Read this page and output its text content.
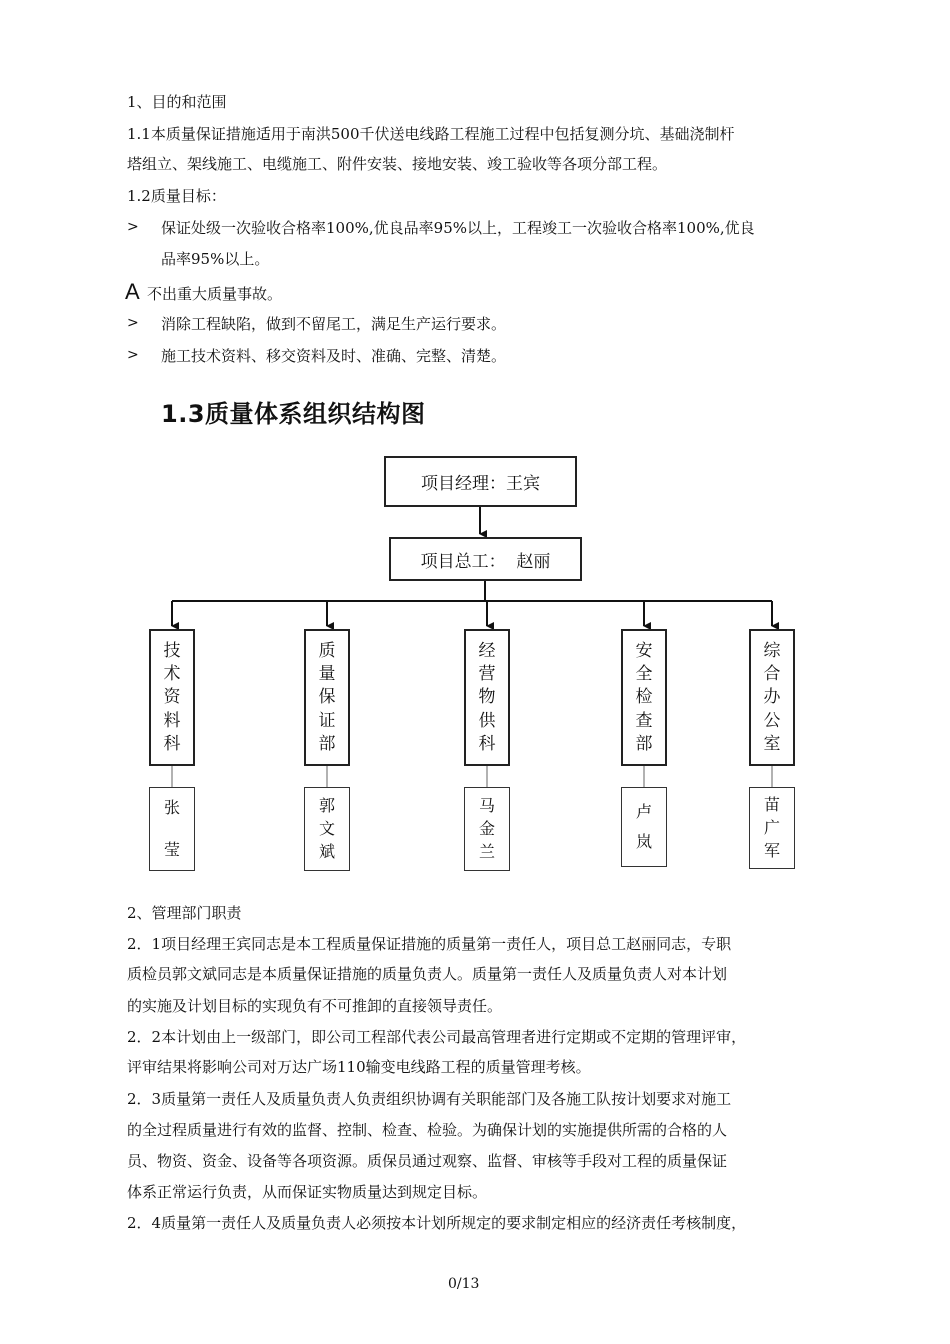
1、目的和范围
1.1本质量保证措施适用于南洪500千伏送电线路工程施工过程中包括复测分坑、基础浇制杆
塔组立、架线施工、电缆施工、附件安装、接地安装、竣工验收等各项分部工程。
1.2质量目标：
> 保证处级一次验收合格率100%,优良品率95%以上，工程竣工一次验收合格率100%,优良
品率95%以上。
A 不出重大质量事故。
> 消除工程缺陷，做到不留尾工，满足生产运行要求。
> 施工技术资料、移交资料及时、准确、完整、清楚。
1.3质量体系组织结构图
项目经理：王宾
项目总工：  赵丽
技
术
资
料
科
张
莹
质
量
保
证
部
郭
文
斌
经
营
物
供
科
马
金
兰
安
全
检
查
部
卢
岚
综
合
办
公
室
苗
广
军
2、管理部门职责
2．1项目经理王宾同志是本工程质量保证措施的质量第一责任人，项目总工赵丽同志，专职
质检员郭文斌同志是本质量保证措施的质量负责人。质量第一责任人及质量负责人对本计划
的实施及计划目标的实现负有不可推卸的直接领导责任。
2．2本计划由上一级部门，即公司工程部代表公司最高管理者进行定期或不定期的管理评审，
评审结果将影响公司对万达广场110输变电线路工程的质量管理考核。
2．3质量第一责任人及质量负责人负责组织协调有关职能部门及各施工队按计划要求对施工
的全过程质量进行有效的监督、控制、检查、检验。为确保计划的实施提供所需的合格的人
员、物资、资金、设备等各项资源。质保员通过观察、监督、审核等手段对工程的质量保证
体系正常运行负责，从而保证实物质量达到规定目标。
2．4质量第一责任人及质量负责人必须按本计划所规定的要求制定相应的经济责任考核制度，
0/13
